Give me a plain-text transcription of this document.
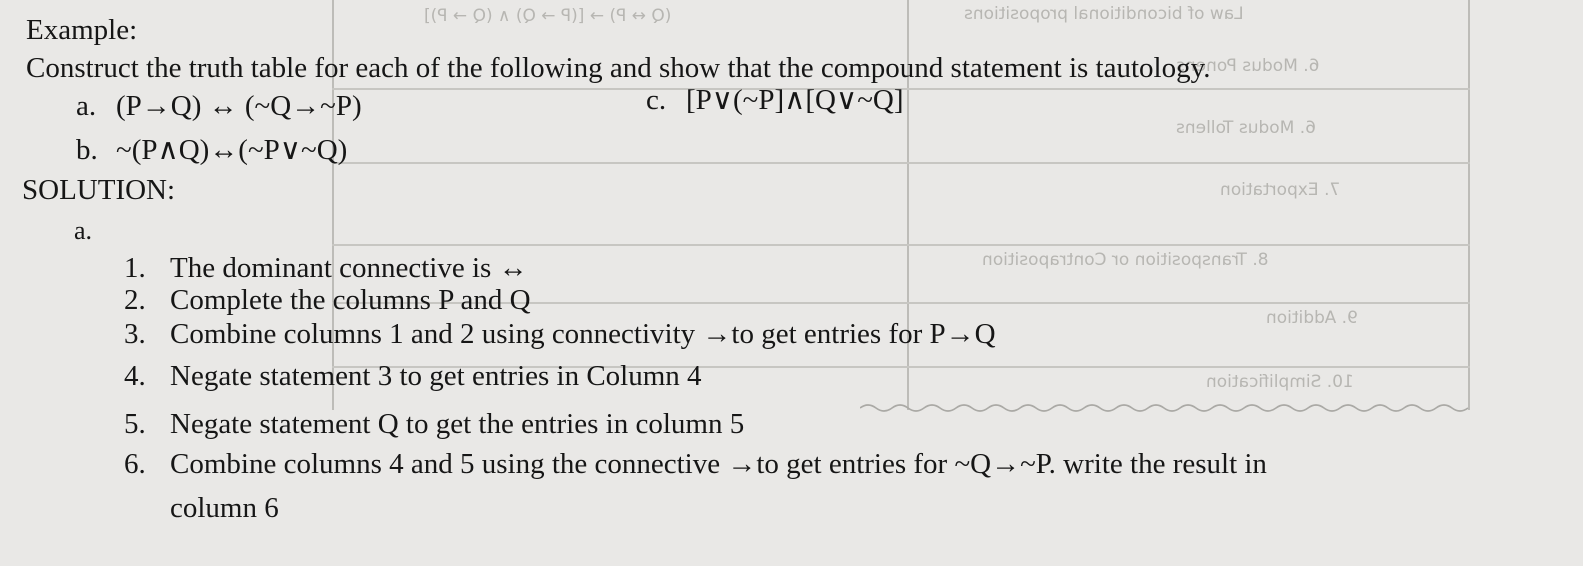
Law of biconditional propositions
(Q ↔ P) → [(P → Q) ∧ (Q → P)]
6. Modus Ponens
6. Modus Tollens
7. Exportation
8. Transposition or Contraposition
9. Addition
10. Simplification
Example:
Construct the truth table for each of the following and show that the compound statement is tautology.
a. (P→Q) ↔ (~Q→~P)
b. ~(P∧Q)↔(~P∨~Q)
c. [P∨(~P]∧[Q∨~Q]
SOLUTION:
a.
1. The dominant connective is ↔
2. Complete the columns P and Q
3. Combine columns 1 and 2 using connectivity →to get entries for P→Q
4. Negate statement 3 to get entries in Column 4
5. Negate statement Q to get the entries in column 5
6. Combine columns 4 and 5 using the connective →to get entries for ~Q→~P. write the result in
column 6
